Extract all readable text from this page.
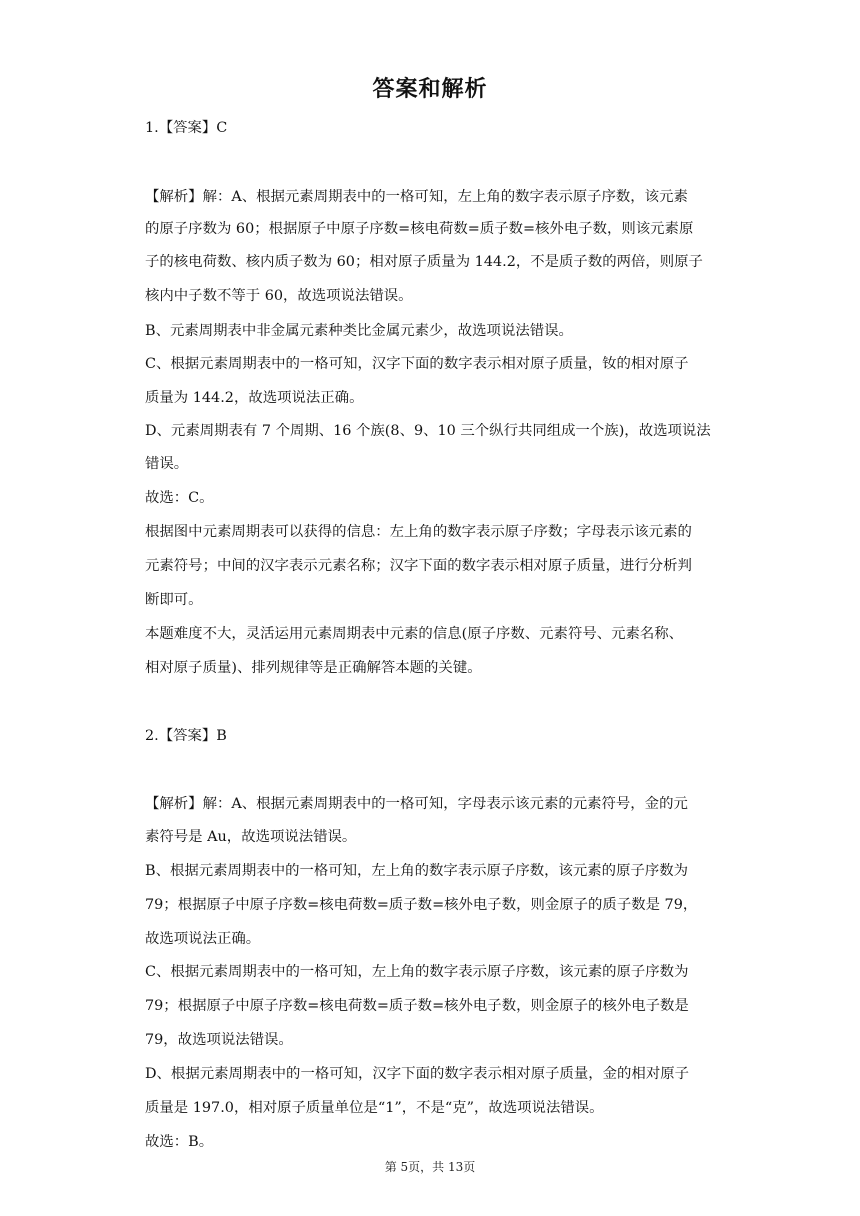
答案和解析
1.【答案】C
【解析】解：A、根据元素周期表中的一格可知，左上角的数字表示原子序数，该元素
的原子序数为 60；根据原子中原子序数=核电荷数=质子数=核外电子数，则该元素原
子的核电荷数、核内质子数为 60；相对原子质量为 144.2，不是质子数的两倍，则原子
核内中子数不等于 60，故选项说法错误。
B、元素周期表中非金属元素种类比金属元素少，故选项说法错误。
C、根据元素周期表中的一格可知，汉字下面的数字表示相对原子质量，钕的相对原子
质量为 144.2，故选项说法正确。
D、元素周期表有 7 个周期、16 个族(8、9、10 三个纵行共同组成一个族)，故选项说法
错误。
故选：C。
根据图中元素周期表可以获得的信息：左上角的数字表示原子序数；字母表示该元素的
元素符号；中间的汉字表示元素名称；汉字下面的数字表示相对原子质量，进行分析判
断即可。
本题难度不大，灵活运用元素周期表中元素的信息(原子序数、元素符号、元素名称、
相对原子质量)、排列规律等是正确解答本题的关键。
2.【答案】B
【解析】解：A、根据元素周期表中的一格可知，字母表示该元素的元素符号，金的元
素符号是 Au，故选项说法错误。
B、根据元素周期表中的一格可知，左上角的数字表示原子序数，该元素的原子序数为
79；根据原子中原子序数=核电荷数=质子数=核外电子数，则金原子的质子数是 79，
故选项说法正确。
C、根据元素周期表中的一格可知，左上角的数字表示原子序数，该元素的原子序数为
79；根据原子中原子序数=核电荷数=质子数=核外电子数，则金原子的核外电子数是
79，故选项说法错误。
D、根据元素周期表中的一格可知，汉字下面的数字表示相对原子质量，金的相对原子
质量是 197.0，相对原子质量单位是“1”，不是“克”，故选项说法错误。
故选：B。
第 5页，共 13页
